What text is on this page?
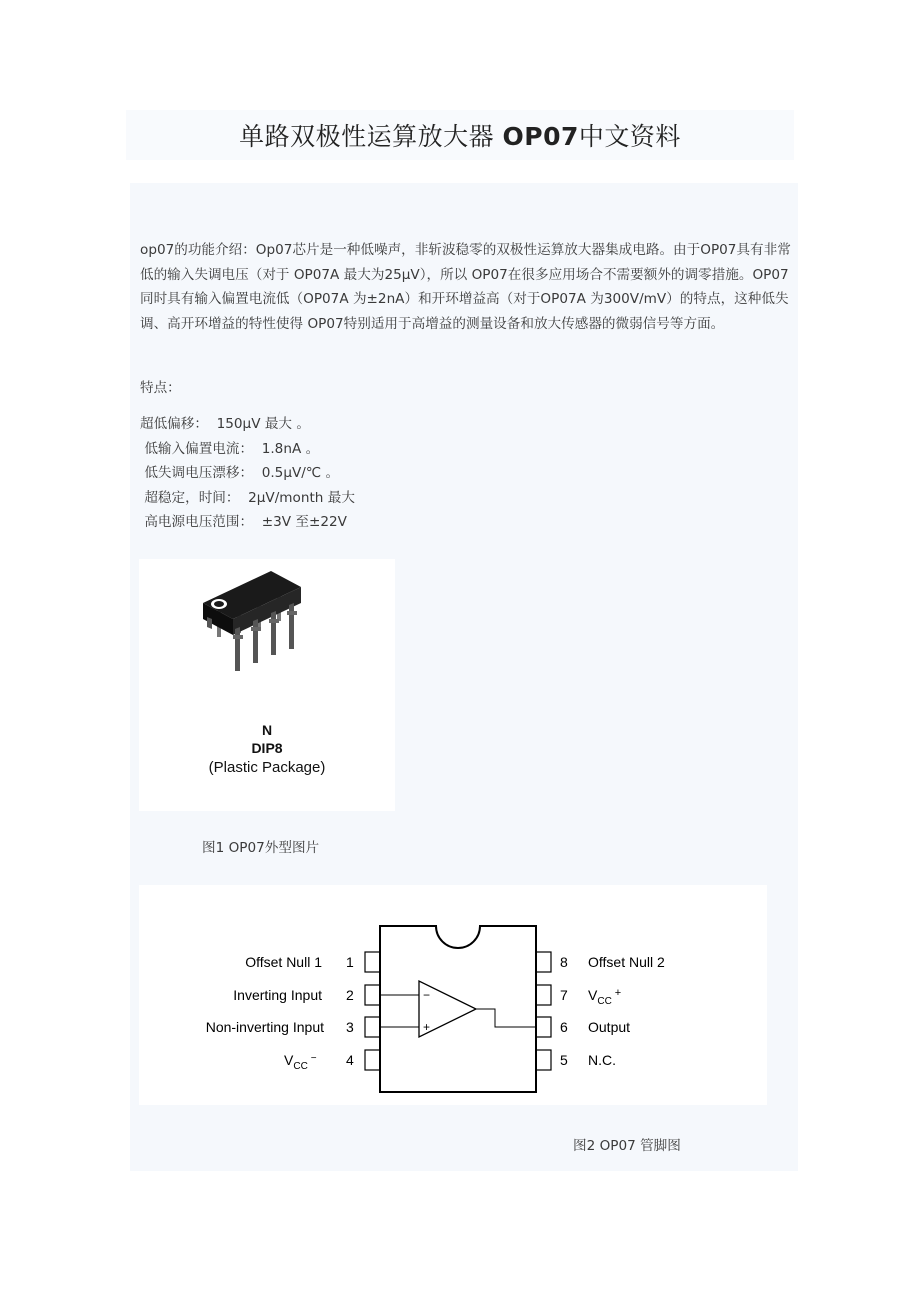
单路双极性运算放大器 OP07中文资料

op07的功能介绍：Op07芯片是一种低噪声，非斩波稳零的双极性运算放大器集成电路。由于OP07具有非常低的输入失调电压（对于 OP07A 最大为25μV），所以 OP07在很多应用场合不需要额外的调零措施。OP07同时具有输入偏置电流低（OP07A 为±2nA）和开环增益高（对于OP07A 为300V/mV）的特点，这种低失调、高开环增益的特性使得 OP07特别适用于高增益的测量设备和放大传感器的微弱信号等方面。

特点：

超低偏移：  150μV 最大 。
低输入偏置电流：  1.8nA 。
低失调电压漂移：  0.5μV/℃ 。
超稳定，时间：  2μV/month 最大
高电源电压范围：  ±3V 至±22V
N
DIP8
(Plastic Package)

图1 OP07外型图片

−
+
1
2
3
4
Offset Null 1
Inverting Input
Non-inverting Input
$V_{CC}^-$
8
7
6
5
Offset Null 2
$V_{CC}^+$
Output
N.C.

图2 OP07 管脚图
